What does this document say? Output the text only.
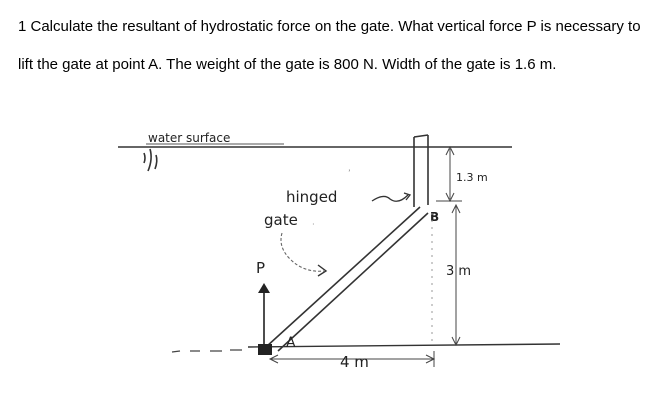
1 Calculate the resultant of hydrostatic force on the gate. What vertical force P is necessary to lift the gate at point A. The weight of the gate is 800 N. Width of the gate is 1.6 m.

water surface
hinged
gate
ʼ
·
·
P
A
B
4 m
1.3 m
3 m
